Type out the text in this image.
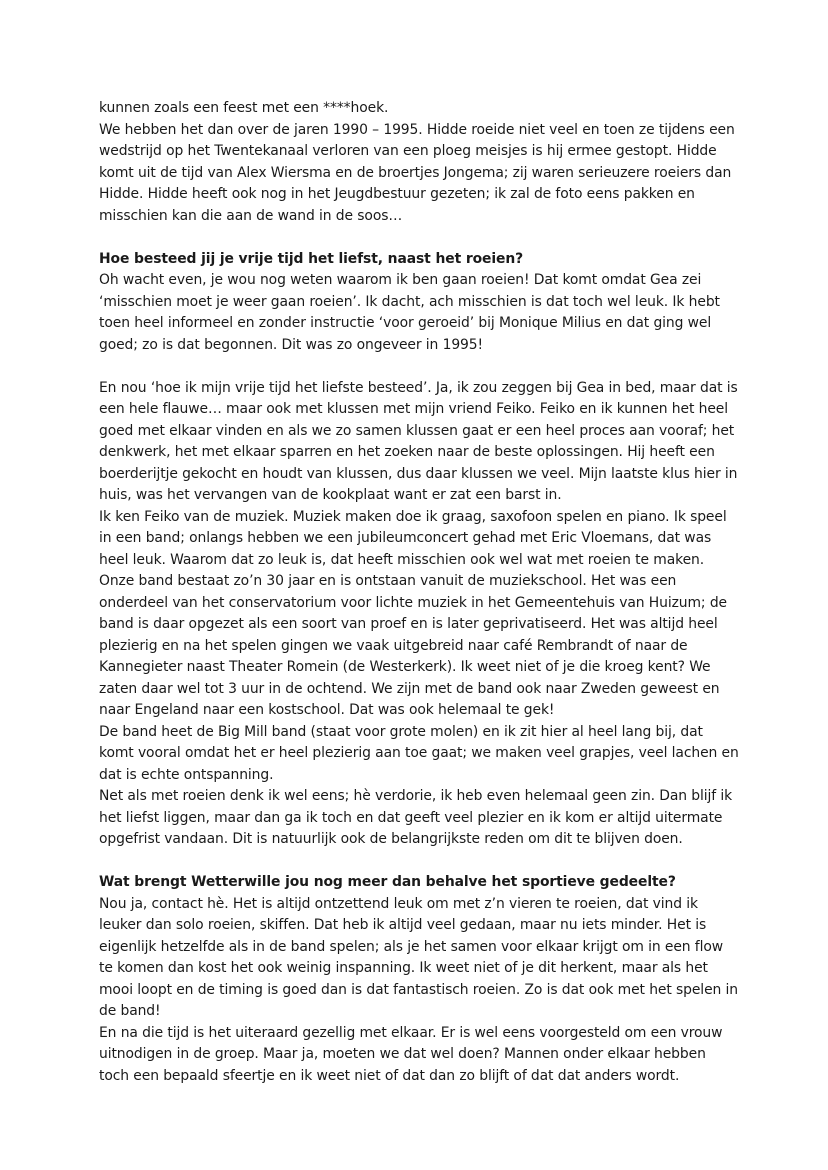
kunnen zoals een feest met een ****hoek.

We hebben het dan over de jaren 1990 – 1995. Hidde roeide niet veel en toen ze tijdens een wedstrijd op het Twentekanaal verloren van een ploeg meisjes is hij ermee gestopt. Hidde komt uit de tijd van Alex Wiersma en de broertjes Jongema; zij waren serieuzere roeiers dan Hidde. Hidde heeft ook nog in het Jeugdbestuur gezeten; ik zal de foto eens pakken en misschien kan die aan de wand in de soos…

Hoe besteed jij je vrije tijd het liefst, naast het roeien?

Oh wacht even, je wou nog weten waarom ik ben gaan roeien! Dat komt omdat Gea zei ‘misschien moet je weer gaan roeien’. Ik dacht, ach misschien is dat toch wel leuk. Ik hebt toen heel informeel en zonder instructie ‘voor geroeid’ bij Monique Milius en dat ging wel goed; zo is dat begonnen. Dit was zo ongeveer in 1995!

En nou ‘hoe ik mijn vrije tijd het liefste besteed’. Ja, ik zou zeggen bij Gea in bed, maar dat is een hele flauwe… maar ook met klussen met mijn vriend Feiko. Feiko en ik kunnen het heel goed met elkaar vinden en als we zo samen klussen gaat er een heel proces aan vooraf; het denkwerk, het met elkaar sparren en het zoeken naar de beste oplossingen. Hij heeft een boerderijtje gekocht en houdt van klussen, dus daar klussen we veel. Mijn laatste klus hier in huis, was het vervangen van de kookplaat want er zat een barst in.

Ik ken Feiko van de muziek. Muziek maken doe ik graag, saxofoon spelen en piano. Ik speel in een band; onlangs hebben we een jubileumconcert gehad met Eric Vloemans, dat was heel leuk. Waarom dat zo leuk is, dat heeft misschien ook wel wat met roeien te maken.

Onze band bestaat zo’n 30 jaar en is ontstaan vanuit de muziekschool. Het was een onderdeel van het conservatorium voor lichte muziek in het Gemeentehuis van Huizum; de band is daar opgezet als een soort van proef en is later geprivatiseerd. Het was altijd heel plezierig en na het spelen gingen we vaak uitgebreid naar café Rembrandt of naar de Kannegieter naast Theater Romein (de Westerkerk). Ik weet niet of je die kroeg kent? We zaten daar wel tot 3 uur in de ochtend. We zijn met de band ook naar Zweden geweest en naar Engeland naar een kostschool. Dat was ook helemaal te gek!

De band heet de Big Mill band (staat voor grote molen) en ik zit hier al heel lang bij, dat komt vooral omdat het er heel plezierig aan toe gaat; we maken veel grapjes, veel lachen en dat is echte ontspanning.

Net als met roeien denk ik wel eens; hè verdorie, ik heb even helemaal geen zin. Dan blijf ik het liefst liggen, maar dan ga ik toch en dat geeft veel plezier en ik kom er altijd uitermate opgefrist vandaan. Dit is natuurlijk ook de belangrijkste reden om dit te blijven doen.

Wat brengt Wetterwille jou nog meer dan behalve het sportieve gedeelte?

Nou ja, contact hè. Het is altijd ontzettend leuk om met z’n vieren te roeien, dat vind ik leuker dan solo roeien, skiffen. Dat heb ik altijd veel gedaan, maar nu iets minder. Het is eigenlijk hetzelfde als in de band spelen; als je het samen voor elkaar krijgt om in een flow te komen dan kost het ook weinig inspanning. Ik weet niet of je dit herkent, maar als het mooi loopt en de timing is goed dan is dat fantastisch roeien. Zo is dat ook met het spelen in de band!

En na die tijd is het uiteraard gezellig met elkaar. Er is wel eens voorgesteld om een vrouw uitnodigen in de groep. Maar ja, moeten we dat wel doen? Mannen onder elkaar hebben toch een bepaald sfeertje en ik weet niet of dat dan zo blijft of dat dat anders wordt.
